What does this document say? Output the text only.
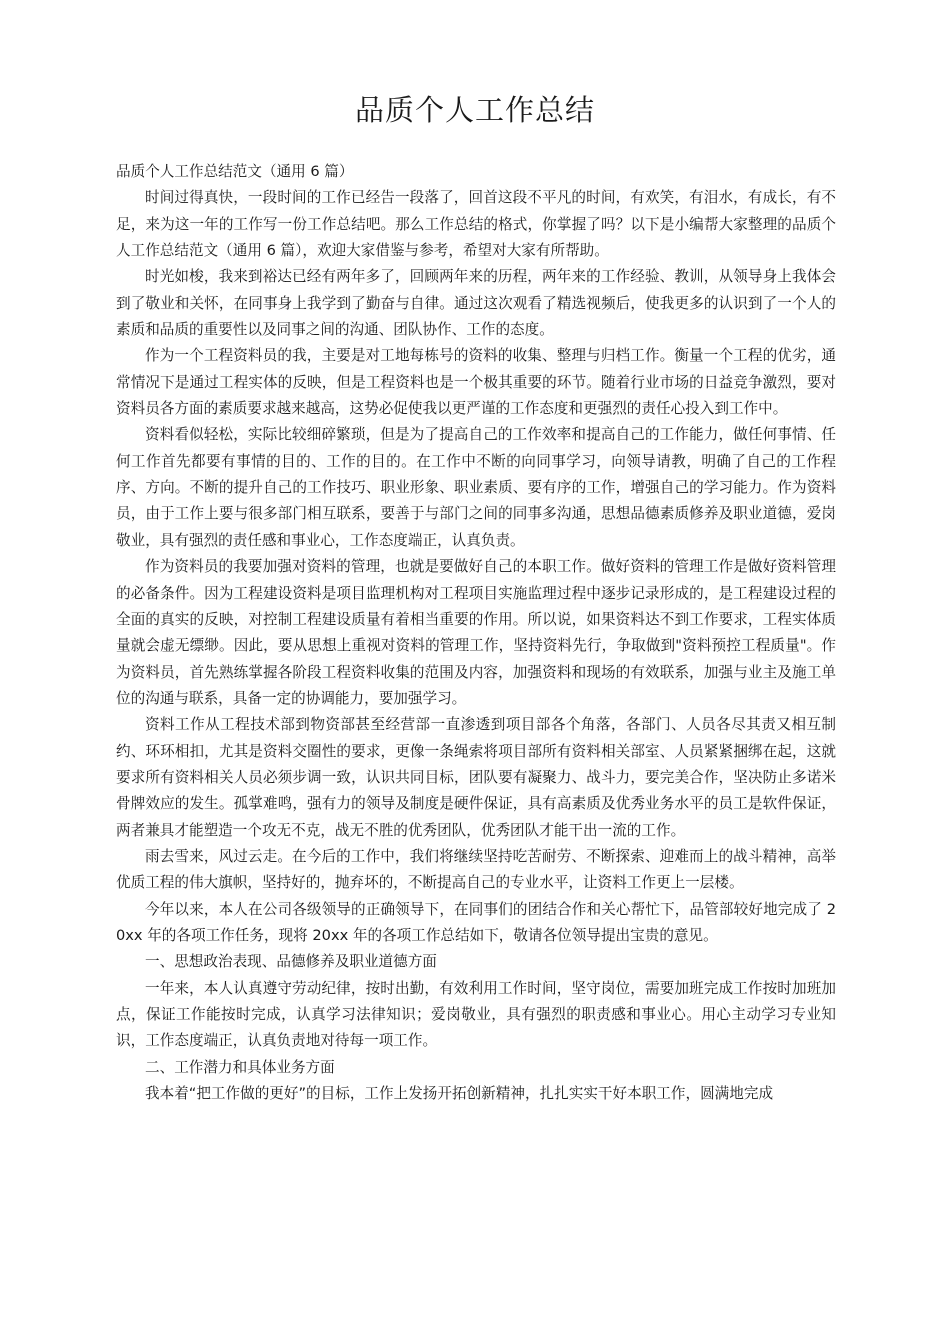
品质个人工作总结

品质个人工作总结范文（通用 6 篇）

时间过得真快，一段时间的工作已经告一段落了，回首这段不平凡的时间，有欢笑，有泪水，有成长，有不足，来为这一年的工作写一份工作总结吧。那么工作总结的格式，你掌握了吗？以下是小编帮大家整理的品质个人工作总结范文（通用 6 篇），欢迎大家借鉴与参考，希望对大家有所帮助。

时光如梭，我来到裕达已经有两年多了，回顾两年来的历程，两年来的工作经验、教训，从领导身上我体会到了敬业和关怀，在同事身上我学到了勤奋与自律。通过这次观看了精选视频后，使我更多的认识到了一个人的素质和品质的重要性以及同事之间的沟通、团队协作、工作的态度。

作为一个工程资料员的我，主要是对工地每栋号的资料的收集、整理与归档工作。衡量一个工程的优劣，通常情况下是通过工程实体的反映，但是工程资料也是一个极其重要的环节。随着行业市场的日益竞争激烈，要对资料员各方面的素质要求越来越高，这势必促使我以更严谨的工作态度和更强烈的责任心投入到工作中。

资料看似轻松，实际比较细碎繁琐，但是为了提高自己的工作效率和提高自己的工作能力，做任何事情、任何工作首先都要有事情的目的、工作的目的。在工作中不断的向同事学习，向领导请教，明确了自己的工作程序、方向。不断的提升自己的工作技巧、职业形象、职业素质、要有序的工作，增强自己的学习能力。作为资料员，由于工作上要与很多部门相互联系，要善于与部门之间的同事多沟通，思想品德素质修养及职业道德，爱岗敬业，具有强烈的责任感和事业心，工作态度端正，认真负责。

作为资料员的我要加强对资料的管理，也就是要做好自己的本职工作。做好资料的管理工作是做好资料管理的必备条件。因为工程建设资料是项目监理机构对工程项目实施监理过程中逐步记录形成的，是工程建设过程的全面的真实的反映，对控制工程建设质量有着相当重要的作用。所以说，如果资料达不到工作要求，工程实体质量就会虚无缥缈。因此，要从思想上重视对资料的管理工作，坚持资料先行，争取做到"资料预控工程质量"。作为资料员，首先熟练掌握各阶段工程资料收集的范围及内容，加强资料和现场的有效联系，加强与业主及施工单位的沟通与联系，具备一定的协调能力，要加强学习。

资料工作从工程技术部到物资部甚至经营部一直渗透到项目部各个角落，各部门、人员各尽其责又相互制约、环环相扣，尤其是资料交圈性的要求，更像一条绳索将项目部所有资料相关部室、人员紧紧捆绑在起，这就要求所有资料相关人员必须步调一致，认识共同目标，团队要有凝聚力、战斗力，要完美合作，坚决防止多诺米骨牌效应的发生。孤掌难鸣，强有力的领导及制度是硬件保证，具有高素质及优秀业务水平的员工是软件保证，两者兼具才能塑造一个攻无不克，战无不胜的优秀团队，优秀团队才能干出一流的工作。

雨去雪来，风过云走。在今后的工作中，我们将继续坚持吃苦耐劳、不断探索、迎难而上的战斗精神，高举优质工程的伟大旗帜，坚持好的，抛弃坏的，不断提高自己的专业水平，让资料工作更上一层楼。

今年以来，本人在公司各级领导的正确领导下，在同事们的团结合作和关心帮忙下，品管部较好地完成了 20xx 年的各项工作任务，现将 20xx 年的各项工作总结如下，敬请各位领导提出宝贵的意见。

一、思想政治表现、品德修养及职业道德方面

一年来，本人认真遵守劳动纪律，按时出勤，有效利用工作时间，坚守岗位，需要加班完成工作按时加班加点，保证工作能按时完成，认真学习法律知识；爱岗敬业，具有强烈的职责感和事业心。用心主动学习专业知识，工作态度端正，认真负责地对待每一项工作。

二、工作潜力和具体业务方面

我本着“把工作做的更好”的目标，工作上发扬开拓创新精神，扎扎实实干好本职工作，圆满地完成
